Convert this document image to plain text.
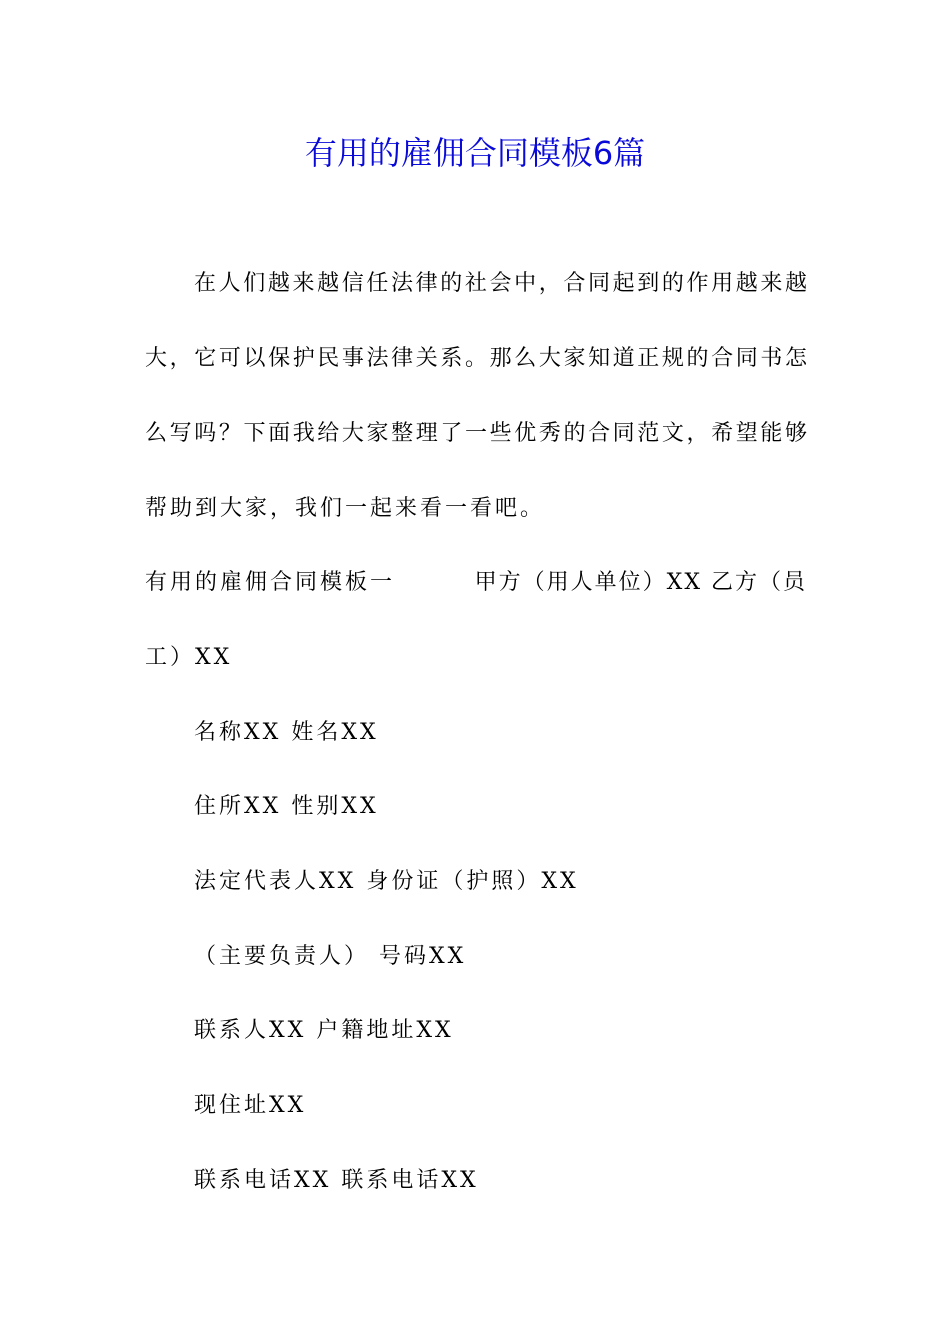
有用的雇佣合同模板6篇
在人们越来越信任法律的社会中，合同起到的作用越来越
大，它可以保护民事法律关系。那么大家知道正规的合同书怎
么写吗？下面我给大家整理了一些优秀的合同范文，希望能够
帮助到大家，我们一起来看一看吧。
有用的雇佣合同模板一	甲方（用人单位）XX 乙方（员
工）XX
名称XX 姓名XX
住所XX 性别XX
法定代表人XX 身份证（护照）XX
（主要负责人） 号码XX
联系人XX 户籍地址XX
现住址XX
联系电话XX 联系电话XX
